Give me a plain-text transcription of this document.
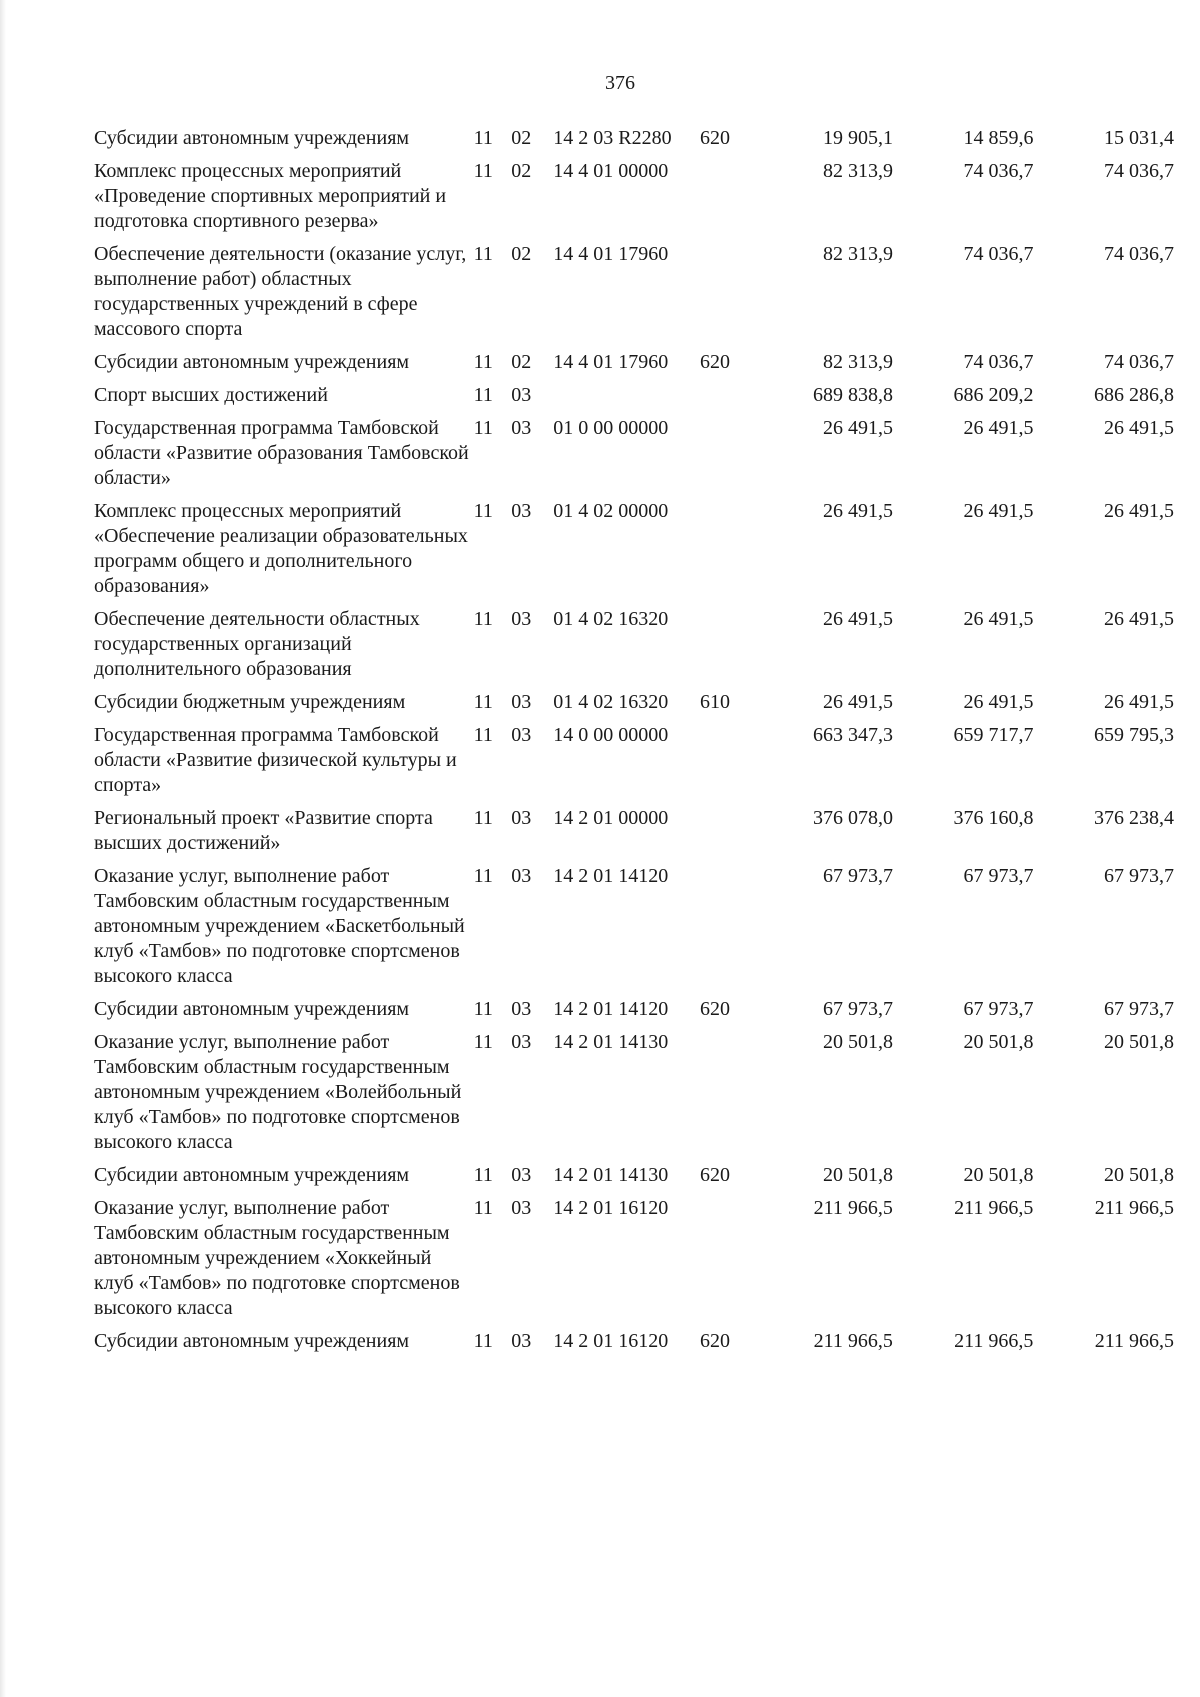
376
Субсидии автономным учреждениям	11	02	14 2 03 R2280	620	19 905,1	14 859,6	15 031,4
Комплекс процессных мероприятий «Проведение спортивных мероприятий и подготовка спортивного резерва»	11	02	14 4 01 00000		82 313,9	74 036,7	74 036,7
Обеспечение деятельности (оказание услуг, выполнение работ) областных государственных учреждений в сфере массового спорта	11	02	14 4 01 17960		82 313,9	74 036,7	74 036,7
Субсидии автономным учреждениям	11	02	14 4 01 17960	620	82 313,9	74 036,7	74 036,7
Спорт высших достижений	11	03			689 838,8	686 209,2	686 286,8
Государственная программа Тамбовской области «Развитие образования Тамбовской области»	11	03	01 0 00 00000		26 491,5	26 491,5	26 491,5
Комплекс процессных мероприятий «Обеспечение реализации образовательных программ общего и дополнительного образования»	11	03	01 4 02 00000		26 491,5	26 491,5	26 491,5
Обеспечение деятельности областных государственных организаций дополнительного образования	11	03	01 4 02 16320		26 491,5	26 491,5	26 491,5
Субсидии бюджетным учреждениям	11	03	01 4 02 16320	610	26 491,5	26 491,5	26 491,5
Государственная программа Тамбовской области «Развитие физической культуры и спорта»	11	03	14 0 00 00000		663 347,3	659 717,7	659 795,3
Региональный проект «Развитие спорта высших достижений»	11	03	14 2 01 00000		376 078,0	376 160,8	376 238,4
Оказание услуг, выполнение работ Тамбовским областным государственным автономным учреждением «Баскетбольный клуб «Тамбов» по подготовке спортсменов высокого класса	11	03	14 2 01 14120		67 973,7	67 973,7	67 973,7
Субсидии автономным учреждениям	11	03	14 2 01 14120	620	67 973,7	67 973,7	67 973,7
Оказание услуг, выполнение работ Тамбовским областным государственным автономным учреждением «Волейбольный клуб «Тамбов» по подготовке спортсменов высокого класса	11	03	14 2 01 14130		20 501,8	20 501,8	20 501,8
Субсидии автономным учреждениям	11	03	14 2 01 14130	620	20 501,8	20 501,8	20 501,8
Оказание услуг, выполнение работ Тамбовским областным государственным автономным учреждением «Хоккейный клуб «Тамбов» по подготовке спортсменов высокого класса	11	03	14 2 01 16120		211 966,5	211 966,5	211 966,5
Субсидии автономным учреждениям	11	03	14 2 01 16120	620	211 966,5	211 966,5	211 966,5
